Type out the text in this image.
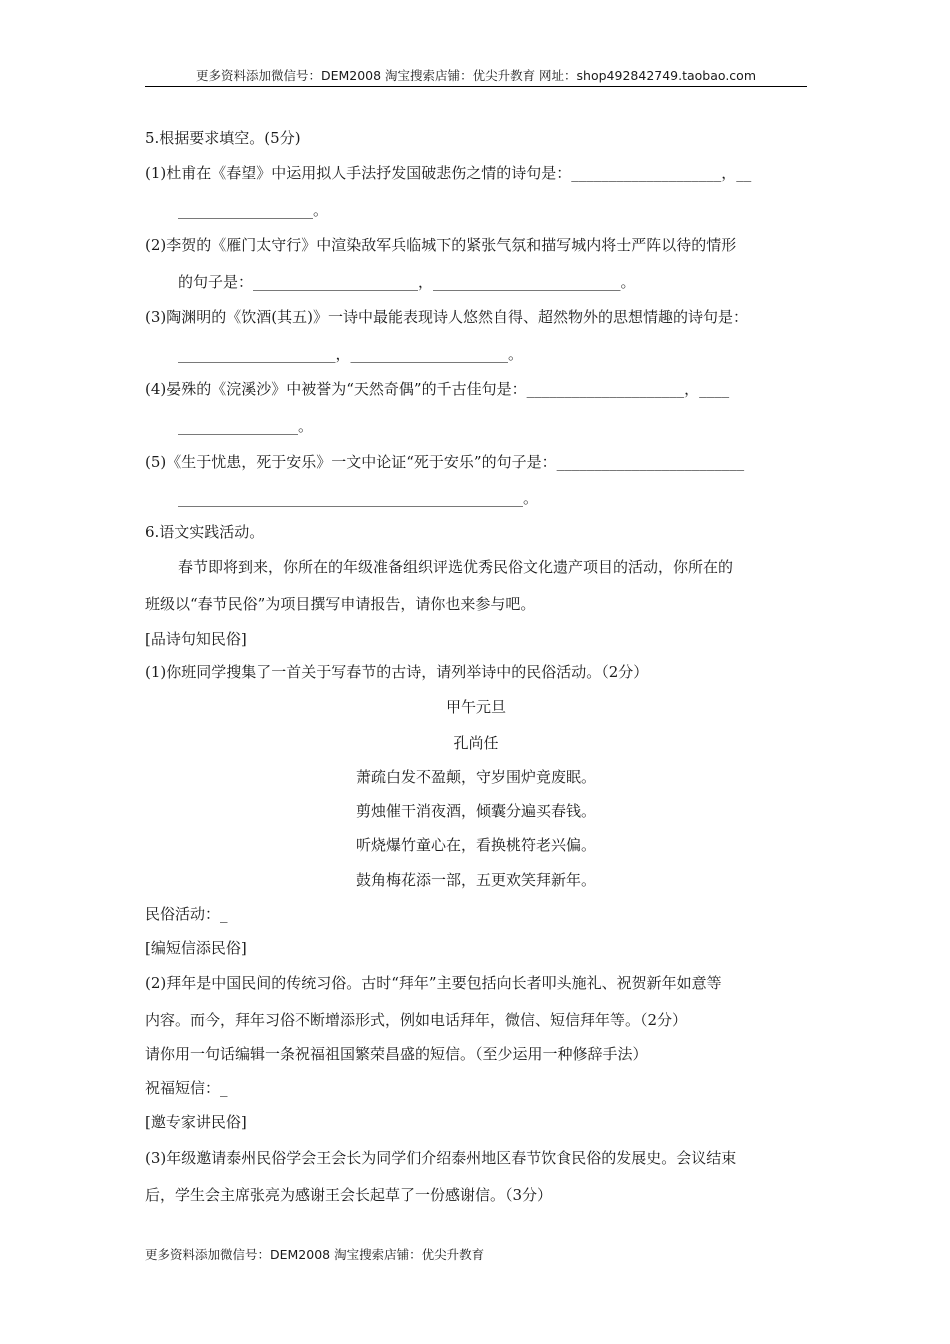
更多资料添加微信号：DEM2008 淘宝搜索店铺：优尖升教育 网址：shop492842749.taobao.com
5.根据要求填空。(5分)
(1)杜甫在《春望》中运用拟人手法抒发国破悲伤之情的诗句是：____________________，__
__________________。
(2)李贺的《雁门太守行》中渲染敌军兵临城下的紧张气氛和描写城内将士严阵以待的情形
的句子是：______________________，_________________________。
(3)陶渊明的《饮酒(其五)》一诗中最能表现诗人悠然自得、超然物外的思想情趣的诗句是：
_____________________，_____________________。
(4)晏殊的《浣溪沙》中被誉为“天然奇偶”的千古佳句是：_____________________，____
________________。
(5)《生于忧患，死于安乐》一文中论证“死于安乐”的句子是：_________________________
______________________________________________。
6.语文实践活动。
春节即将到来，你所在的年级准备组织评选优秀民俗文化遗产项目的活动，你所在的
班级以“春节民俗”为项目撰写申请报告，请你也来参与吧。
[品诗句知民俗]
(1)你班同学搜集了一首关于写春节的古诗，请列举诗中的民俗活动。（2分）
甲午元旦
孔尚任
萧疏白发不盈颠，守岁围炉竟废眠。
剪烛催干消夜酒，倾囊分遍买春钱。
听烧爆竹童心在，看换桃符老兴偏。
鼓角梅花添一部，五更欢笑拜新年。
民俗活动：_
[编短信添民俗]
(2)拜年是中国民间的传统习俗。古时“拜年”主要包括向长者叩头施礼、祝贺新年如意等
内容。而今，拜年习俗不断增添形式，例如电话拜年，微信、短信拜年等。（2分）
请你用一句话编辑一条祝福祖国繁荣昌盛的短信。（至少运用一种修辞手法）
祝福短信：_
[邀专家讲民俗]
(3)年级邀请泰州民俗学会王会长为同学们介绍泰州地区春节饮食民俗的发展史。会议结束
后，学生会主席张亮为感谢王会长起草了一份感谢信。（3分）
更多资料添加微信号：DEM2008 淘宝搜索店铺：优尖升教育
